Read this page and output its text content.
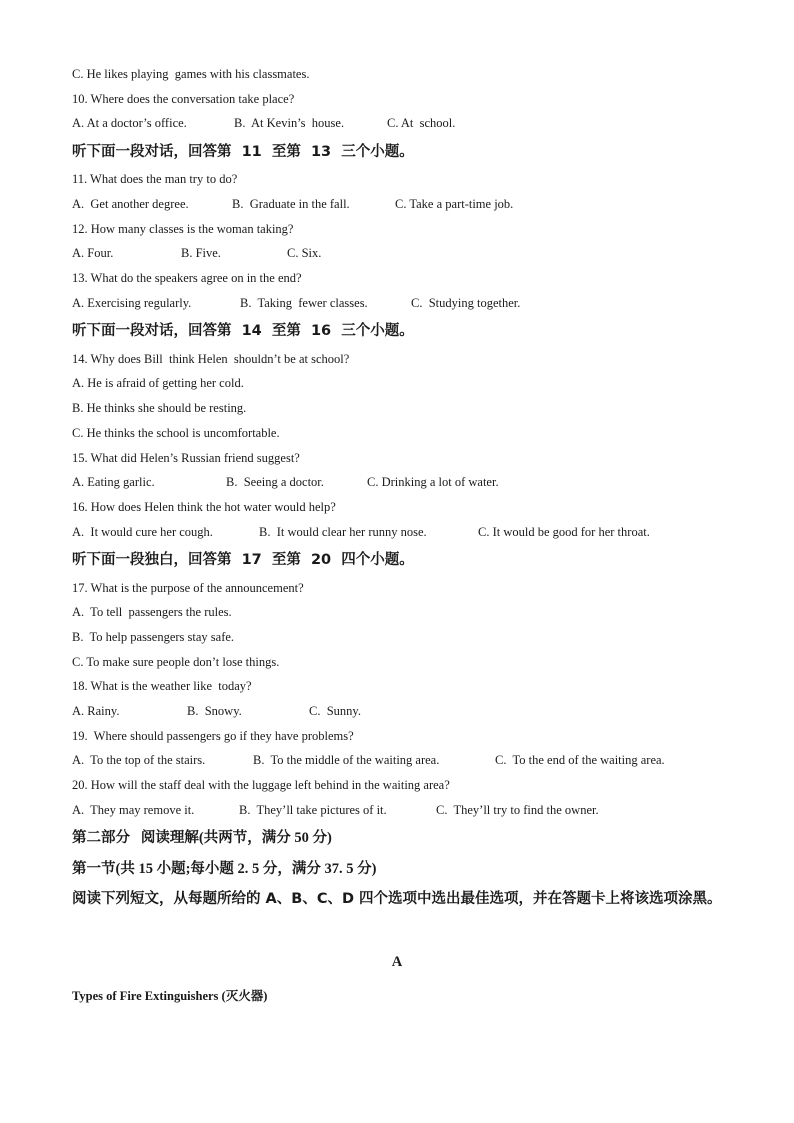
C. He likes playing  games with his classmates.
10. Where does the conversation take place?
A. At a doctor’s office.	B.  At Kevin’s  house.	C. At  school.
听下面一段对话，回答第  11  至第  13  三个小题。
11. What does the man try to do?
A.  Get another degree.	B.  Graduate in the fall.	C. Take a part-time job.
12. How many classes is the woman taking?
A. Four.	B. Five.	C. Six.
13. What do the speakers agree on in the end?
A. Exercising regularly.	B.  Taking  fewer classes.	C.  Studying together.
听下面一段对话，回答第  14  至第  16  三个小题。
14. Why does Bill  think Helen  shouldn’t be at school?
A. He is afraid of getting her cold.
B. He thinks she should be resting.
C. He thinks the school is uncomfortable.
15. What did Helen’s Russian friend suggest?
A. Eating garlic.	B.  Seeing a doctor.	C. Drinking a lot of water.
16. How does Helen think the hot water would help?
A.  It would cure her cough.	B.  It would clear her runny nose.	C. It would be good for her throat.
听下面一段独白，回答第  17  至第  20  四个小题。
17. What is the purpose of the announcement?
A.  To tell  passengers the rules.
B.  To help passengers stay safe.
C. To make sure people don’t lose things.
18. What is the weather like  today?
A. Rainy.	B.  Snowy.	C.  Sunny.
19.  Where should passengers go if they have problems?
A.  To the top of the stairs.	B.  To the middle of the waiting area.	C.  To the end of the waiting area.
20. How will the staff deal with the luggage left behind in the waiting area?
A.  They may remove it.	B.  They’ll take pictures of it.	C.  They’ll try to find the owner.
第二部分   阅读理解(共两节，满分 50 分)
第一节(共 15 小题;每小题 2. 5 分，满分 37. 5 分)
阅读下列短文，从每题所给的 A、B、C、D 四个选项中选出最佳选项，并在答题卡上将该选项涂黑。
A
Types of Fire Extinguishers (灭火器)
